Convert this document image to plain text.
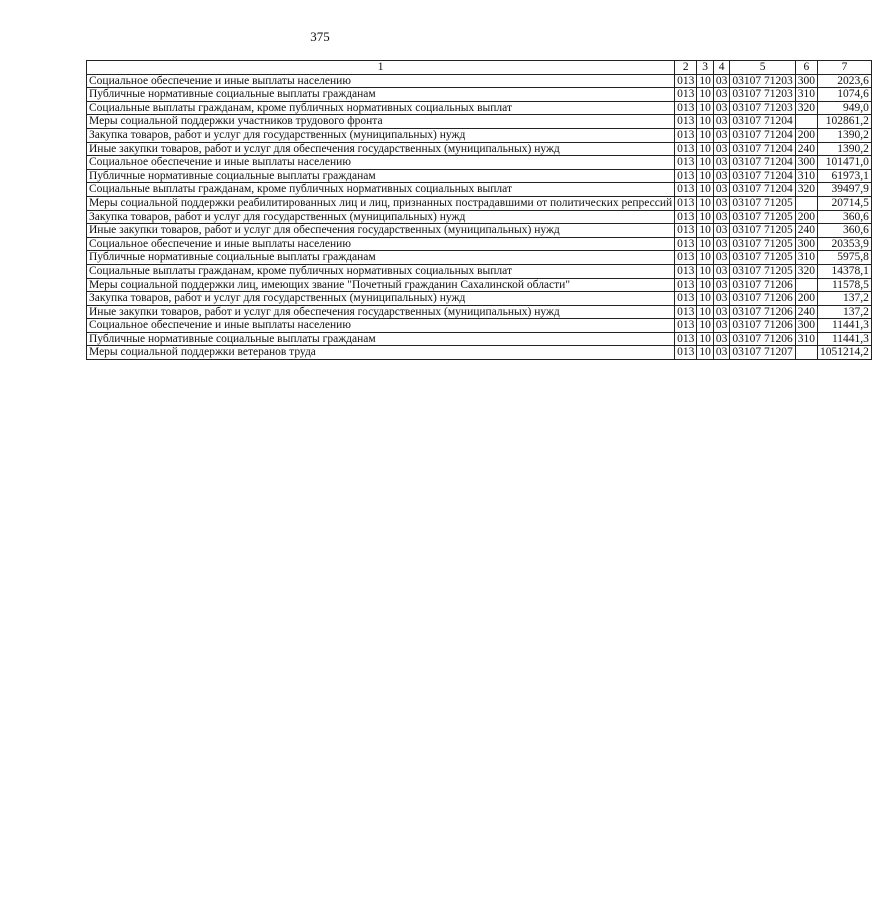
375
1	2	3	4	5	6	7
Социальное обеспечение и иные выплаты населению	013	10	03	03107 71203	300	2023,6
Публичные нормативные социальные выплаты гражданам	013	10	03	03107 71203	310	1074,6
Социальные выплаты гражданам, кроме публичных нормативных социальных выплат	013	10	03	03107 71203	320	949,0
Меры социальной поддержки участников трудового фронта	013	10	03	03107 71204		102861,2
Закупка товаров, работ и услуг для государственных (муниципальных) нужд	013	10	03	03107 71204	200	1390,2
Иные закупки товаров, работ и услуг для обеспечения государственных (муниципальных) нужд	013	10	03	03107 71204	240	1390,2
Социальное обеспечение и иные выплаты населению	013	10	03	03107 71204	300	101471,0
Публичные нормативные социальные выплаты гражданам	013	10	03	03107 71204	310	61973,1
Социальные выплаты гражданам, кроме публичных нормативных социальных выплат	013	10	03	03107 71204	320	39497,9
Меры социальной поддержки реабилитированных лиц и лиц, признанных пострадавшими от политических репрессий	013	10	03	03107 71205		20714,5
Закупка товаров, работ и услуг для государственных (муниципальных) нужд	013	10	03	03107 71205	200	360,6
Иные закупки товаров, работ и услуг для обеспечения государственных (муниципальных) нужд	013	10	03	03107 71205	240	360,6
Социальное обеспечение и иные выплаты населению	013	10	03	03107 71205	300	20353,9
Публичные нормативные социальные выплаты гражданам	013	10	03	03107 71205	310	5975,8
Социальные выплаты гражданам, кроме публичных нормативных социальных выплат	013	10	03	03107 71205	320	14378,1
Меры социальной поддержки лиц, имеющих звание "Почетный гражданин Сахалинской области"	013	10	03	03107 71206		11578,5
Закупка товаров, работ и услуг для государственных (муниципальных) нужд	013	10	03	03107 71206	200	137,2
Иные закупки товаров, работ и услуг для обеспечения государственных (муниципальных) нужд	013	10	03	03107 71206	240	137,2
Социальное обеспечение и иные выплаты населению	013	10	03	03107 71206	300	11441,3
Публичные нормативные социальные выплаты гражданам	013	10	03	03107 71206	310	11441,3
Меры социальной поддержки ветеранов труда	013	10	03	03107 71207		1051214,2
